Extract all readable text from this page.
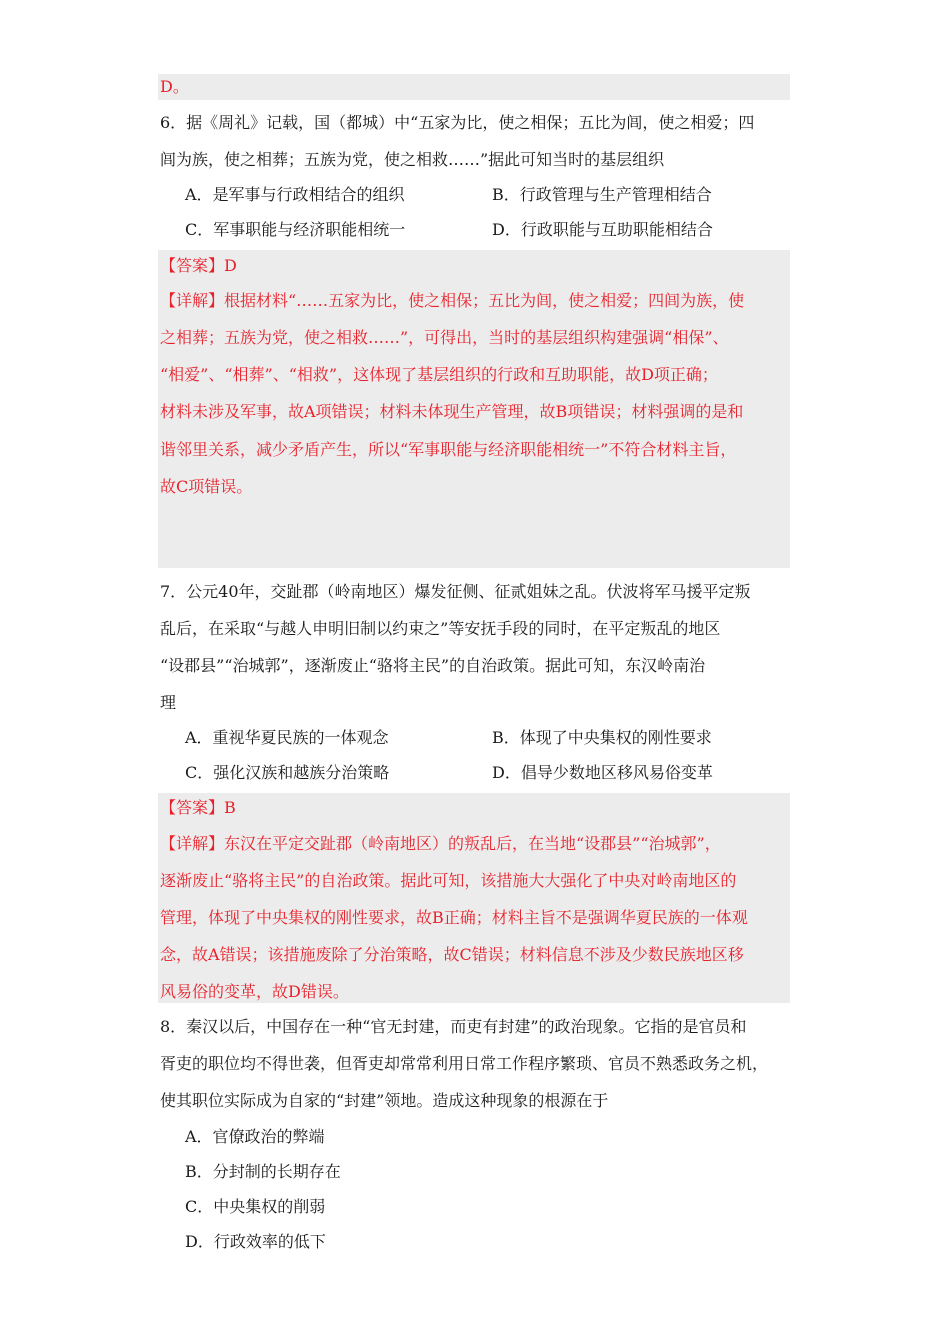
D。
6．据《周礼》记载，国（都城）中“五家为比，使之相保；五比为闾，使之相爱；四
闾为族，使之相葬；五族为党，使之相救……”据此可知当时的基层组织
A．是军事与行政相结合的组织	B．行政管理与生产管理相结合
C．军事职能与经济职能相统一	D．行政职能与互助职能相结合
【答案】D
【详解】根据材料“……五家为比，使之相保；五比为闾，使之相爱；四闾为族，使
之相葬；五族为党，使之相救……”，可得出，当时的基层组织构建强调“相保”、
“相爱”、“相葬”、“相救”，这体现了基层组织的行政和互助职能，故D项正确；
材料未涉及军事，故A项错误；材料未体现生产管理，故B项错误；材料强调的是和
谐邻里关系，减少矛盾产生，所以“军事职能与经济职能相统一”不符合材料主旨，
故C项错误。
7．公元40年，交趾郡（岭南地区）爆发征侧、征贰姐妹之乱。伏波将军马援平定叛
乱后，在采取“与越人申明旧制以约束之”等安抚手段的同时，在平定叛乱的地区
“设郡县”“治城郭”，逐渐废止“骆将主民”的自治政策。据此可知，东汉岭南治
理
A．重视华夏民族的一体观念	B．体现了中央集权的刚性要求
C．强化汉族和越族分治策略	D．倡导少数地区移风易俗变革
【答案】B
【详解】东汉在平定交趾郡（岭南地区）的叛乱后，在当地“设郡县”“治城郭”，
逐渐废止“骆将主民”的自治政策。据此可知，该措施大大强化了中央对岭南地区的
管理，体现了中央集权的刚性要求，故B正确；材料主旨不是强调华夏民族的一体观
念，故A错误；该措施废除了分治策略，故C错误；材料信息不涉及少数民族地区移
风易俗的变革，故D错误。
8．秦汉以后，中国存在一种“官无封建，而吏有封建”的政治现象。它指的是官员和
胥吏的职位均不得世袭，但胥吏却常常利用日常工作程序繁琐、官员不熟悉政务之机，
使其职位实际成为自家的“封建”领地。造成这种现象的根源在于
A．官僚政治的弊端
B．分封制的长期存在
C．中央集权的削弱
D．行政效率的低下
